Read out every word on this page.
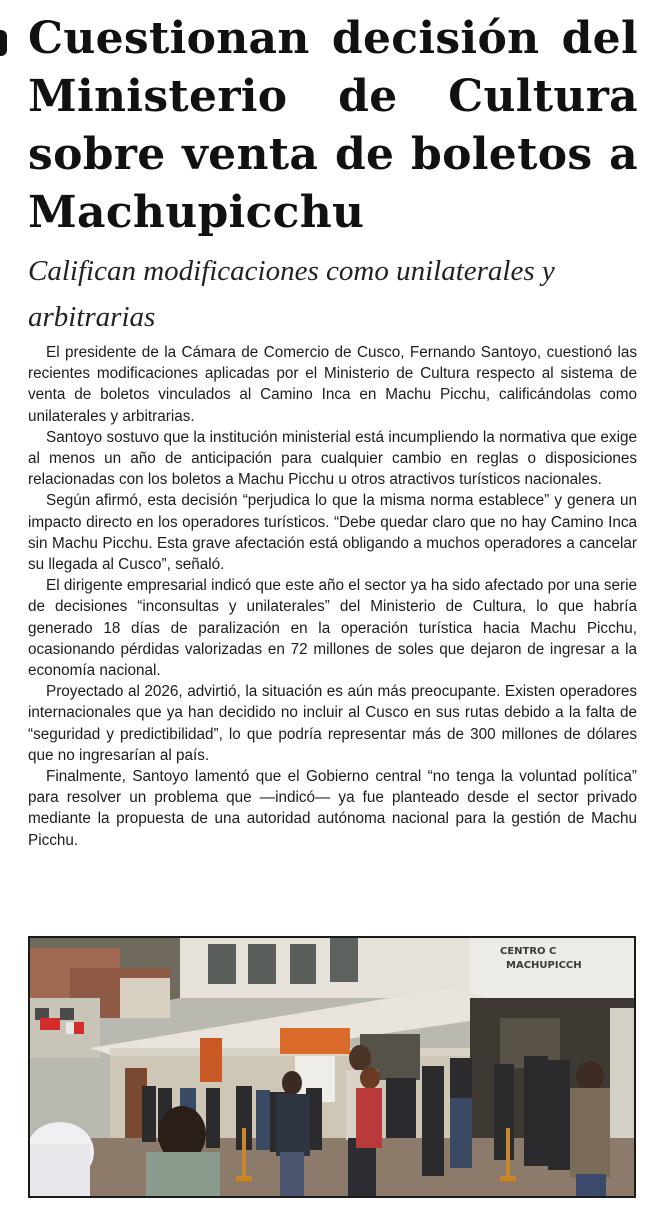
Cuestionan decisión del Ministerio de Cultura sobre venta de boletos a Machupicchu
Califican modificaciones como unilaterales y arbitrarias

El presidente de la Cámara de Comercio de Cusco, Fernando Santoyo, cuestionó las recientes modificaciones aplicadas por el Ministerio de Cultura respecto al sistema de venta de boletos vinculados al Camino Inca en Machu Picchu, calificándolas como unilaterales y arbitrarias.

Santoyo sostuvo que la institución ministerial está incumpliendo la normativa que exige al menos un año de anticipación para cualquier cambio en reglas o disposiciones relacionadas con los boletos a Machu Picchu u otros atractivos turísticos nacionales.

Según afirmó, esta decisión “perjudica lo que la misma norma establece” y genera un impacto directo en los operadores turísticos. “Debe quedar claro que no hay Camino Inca sin Machu Picchu. Esta grave afectación está obligando a muchos operadores a cancelar su llegada al Cusco”, señaló.

El dirigente empresarial indicó que este año el sector ya ha sido afectado por una serie de decisiones “inconsultas y unilaterales” del Ministerio de Cultura, lo que habría generado 18 días de paralización en la operación turística hacia Machu Picchu, ocasionando pérdidas valorizadas en 72 millones de soles que dejaron de ingresar a la economía nacional.

Proyectado al 2026, advirtió, la situación es aún más preocupante. Existen operadores internacionales que ya han decidido no incluir al Cusco en sus rutas debido a la falta de “seguridad y predictibilidad”, lo que podría representar más de 300 millones de dólares que no ingresarían al país.

Finalmente, Santoyo lamentó que el Gobierno central “no tenga la voluntad política” para resolver un problema que —indicó— ya fue planteado desde el sector privado mediante la propuesta de una autoridad autónoma nacional para la gestión de Machu Picchu.

CENTRO C
MACHUPICCH
